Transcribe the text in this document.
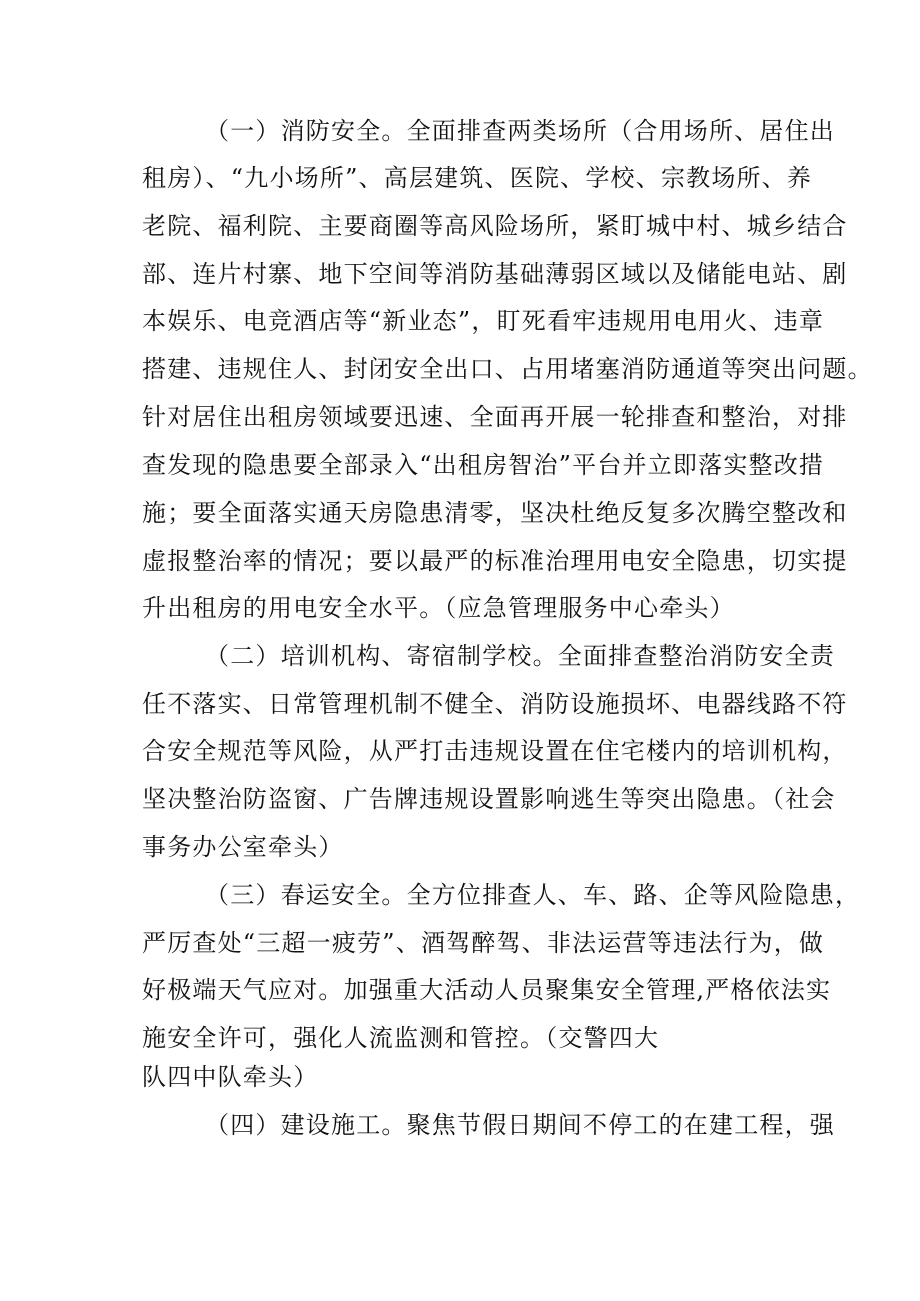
（一）消防安全。全面排查两类场所（合用场所、居住出
租房）、“九小场所”、高层建筑、医院、学校、宗教场所、养
老院、福利院、主要商圈等高风险场所，紧盯城中村、城乡结合
部、连片村寨、地下空间等消防基础薄弱区域以及储能电站、剧
本娱乐、电竞酒店等“新业态”，盯死看牢违规用电用火、违章
搭建、违规住人、封闭安全出口、占用堵塞消防通道等突出问题。
针对居住出租房领域要迅速、全面再开展一轮排查和整治，对排
查发现的隐患要全部录入“出租房智治”平台并立即落实整改措
施；要全面落实通天房隐患清零，坚决杜绝反复多次腾空整改和
虚报整治率的情况；要以最严的标准治理用电安全隐患，切实提
升出租房的用电安全水平。（应急管理服务中心牵头）
（二）培训机构、寄宿制学校。全面排查整治消防安全责
任不落实、日常管理机制不健全、消防设施损坏、电器线路不符
合安全规范等风险，从严打击违规设置在住宅楼内的培训机构，
坚决整治防盗窗、广告牌违规设置影响逃生等突出隐患。（社会
事务办公室牵头）
（三）春运安全。全方位排查人、车、路、企等风险隐患，
严厉查处“三超一疲劳”、酒驾醉驾、非法运营等违法行为，做
好极端天气应对。加强重大活动人员聚集安全管理,严格依法实
施安全许可，强化人流监测和管控。（交警四大
队四中队牵头）
（四）建设施工。聚焦节假日期间不停工的在建工程，强
